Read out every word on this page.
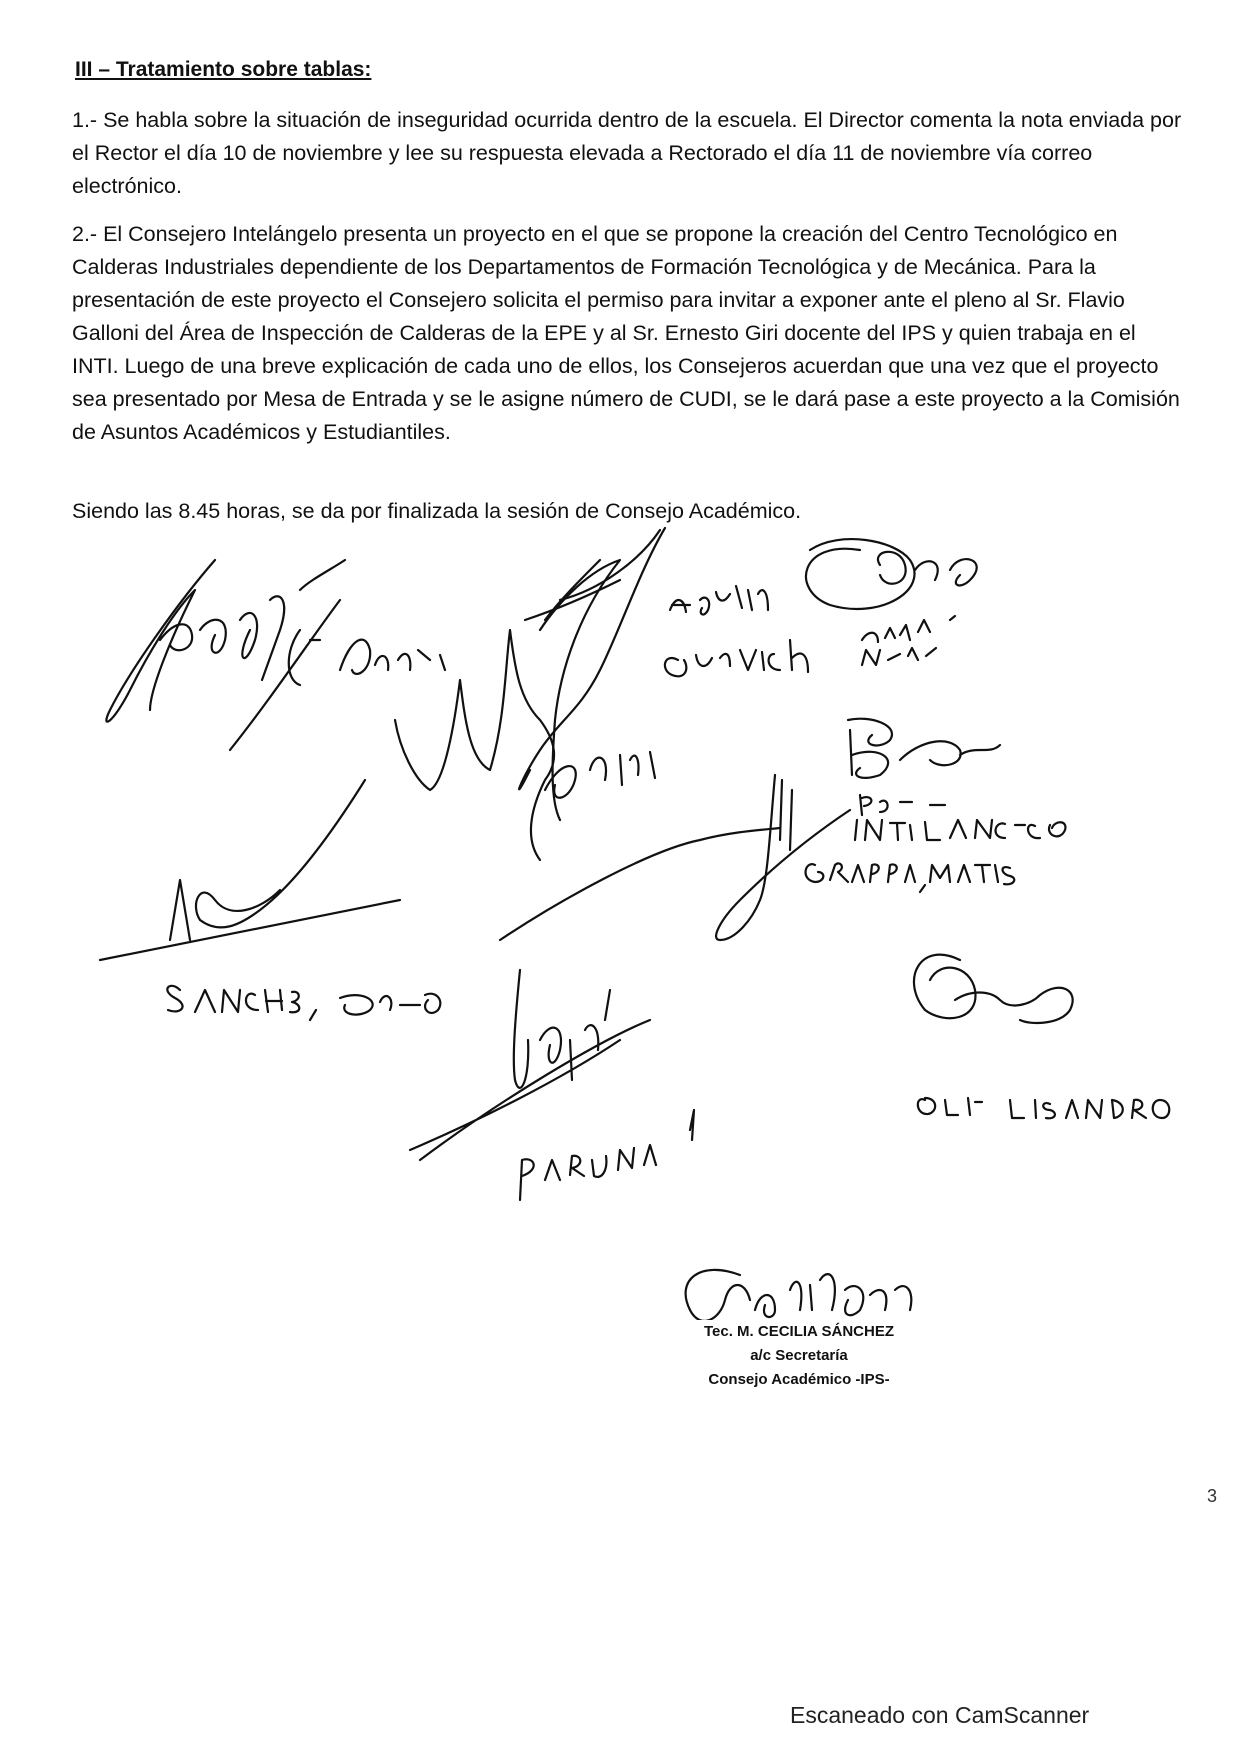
III – Tratamiento sobre tablas:

1.- Se habla sobre la situación de inseguridad ocurrida dentro de la escuela. El Director comenta la nota enviada por el Rector el día 10 de noviembre y lee su respuesta elevada a Rectorado el día 11 de noviembre vía correo electrónico.

2.- El Consejero Intelángelo presenta un proyecto en el que se propone la creación del Centro Tecnológico en Calderas Industriales dependiente de los Departamentos de Formación Tecnológica y de Mecánica. Para la presentación de este proyecto el Consejero solicita el permiso para invitar a exponer ante el pleno al Sr. Flavio Galloni del Área de Inspección de Calderas de la EPE y al Sr. Ernesto Giri docente del IPS y quien trabaja en el INTI. Luego de una breve explicación de cada uno de ellos, los Consejeros acuerdan que una vez que el proyecto sea presentado por Mesa de Entrada y se le asigne número de CUDI, se le dará pase a este proyecto a la Comisión de Asuntos Académicos y Estudiantiles.

Siendo las 8.45 horas, se da por finalizada la sesión de Consejo Académico.

G. Pomi
Agustín Gurvich
ORONA NELIDA
BOONE INTELANGELO
GRAPPA, MATÍAS
SANCHEZ, DIEGO
OLMI LISANDRO
PARUNA J
Tec. M. CECILIA SÁNCHEZ
a/c Secretaría
Consejo Académico -IPS-
3
Escaneado con CamScanner
